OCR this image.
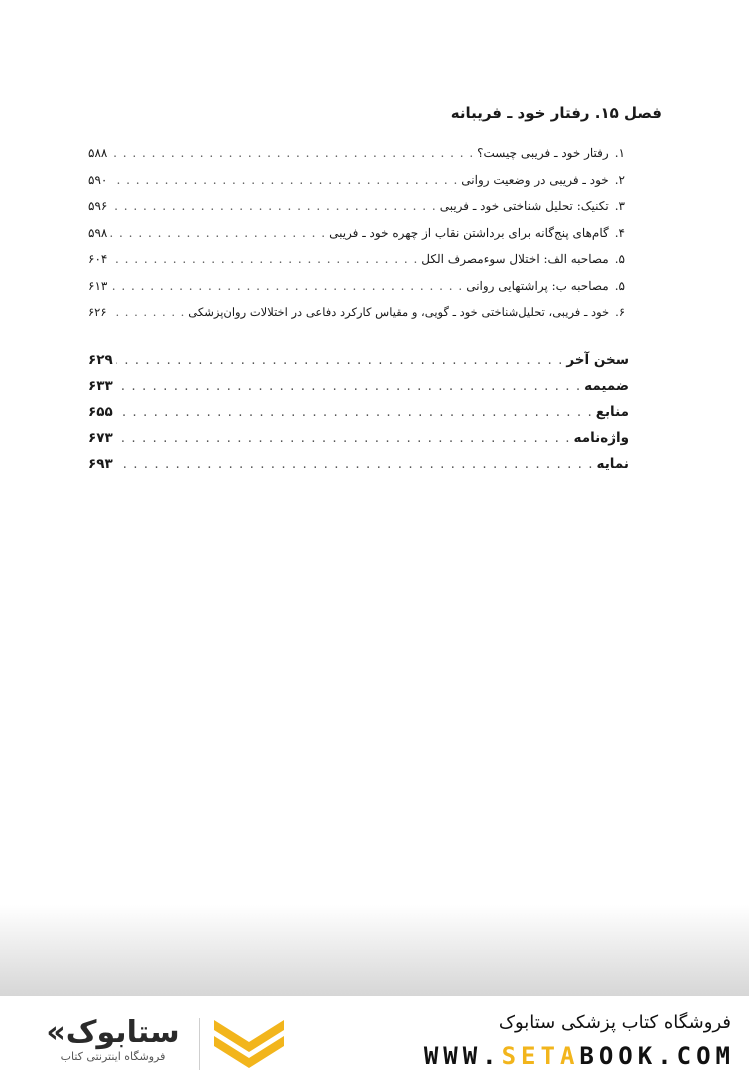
فصل ۱۵. رفتار خود ـ فریبانه
۱.
رفتار خود ـ فریبی چیست؟
. . .
۵۸۸
۲.
خود ـ فریبی در وضعیت روانی
. . .
۵۹۰
۳.
تکنیک: تحلیل شناختی خود ـ فریبی
. . .
۵۹۶
۴.
گام‌های پنج‌گانه برای برداشتن نقاب از چهره خود ـ فریبی
. . .
۵۹۸
۵.
مصاحبه الف: اختلال سوءمصرف الکل
. . .
۶۰۴
۵.
مصاحبه ب: پراشتهایی روانی
. . .
۶۱۳
۶.
خود ـ فریبی، تحلیل‌شناختی خود ـ گویی، و مقیاس کارکرد دفاعی در اختلالات روان‌پزشکی
. . .
۶۲۶
سخن آخر
. . .
۶۲۹
ضمیمه
. . .
۶۳۳
منابع
. . .
۶۵۵
واژه‌نامه
. . .
۶۷۳
نمایه
. . .
۶۹۳
فروشگاه کتاب پزشکی ستابوک
WWW.SETABOOK.COM
«ستابوک
فروشگاه اینترنتی کتاب
